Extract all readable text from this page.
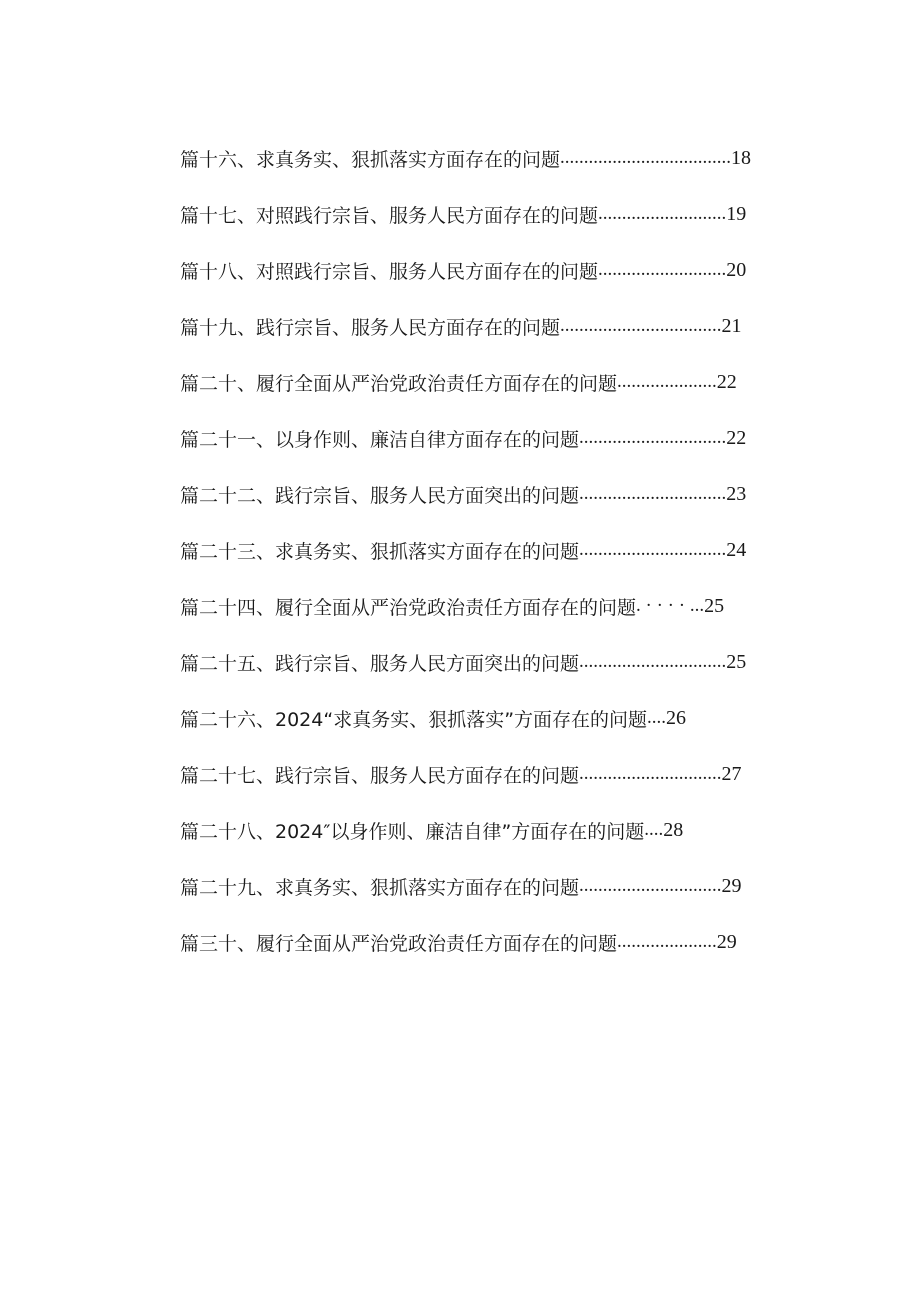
篇十六、求真务实、狠抓落实方面存在的问题 .................................... 18
篇十七、对照践行宗旨、服务人民方面存在的问题 ........................... 19
篇十八、对照践行宗旨、服务人民方面存在的问题 ........................... 20
篇十九、践行宗旨、服务人民方面存在的问题 .................................. 21
篇二十、履行全面从严治党政治责任方面存在的问题 ..................... 22
篇二十一、以身作则、廉洁自律方面存在的问题 ............................... 22
篇二十二、践行宗旨、服务人民方面突出的问题 ............................... 23
篇二十三、求真务实、狠抓落实方面存在的问题 ............................... 24
篇二十四、履行全面从严治党政治责任方面存在的问题 . · · · · ... 25
篇二十五、践行宗旨、服务人民方面突出的问题 ............................... 25
篇二十六、2024“求真务实、狠抓落实”方面存在的问题 .... 26
篇二十七、践行宗旨、服务人民方面存在的问题 .............................. 27
篇二十八、2024″以身作则、廉洁自律”方面存在的问题 .... 28
篇二十九、求真务实、狠抓落实方面存在的问题 .............................. 29
篇三十、履行全面从严治党政治责任方面存在的问题 ..................... 29
